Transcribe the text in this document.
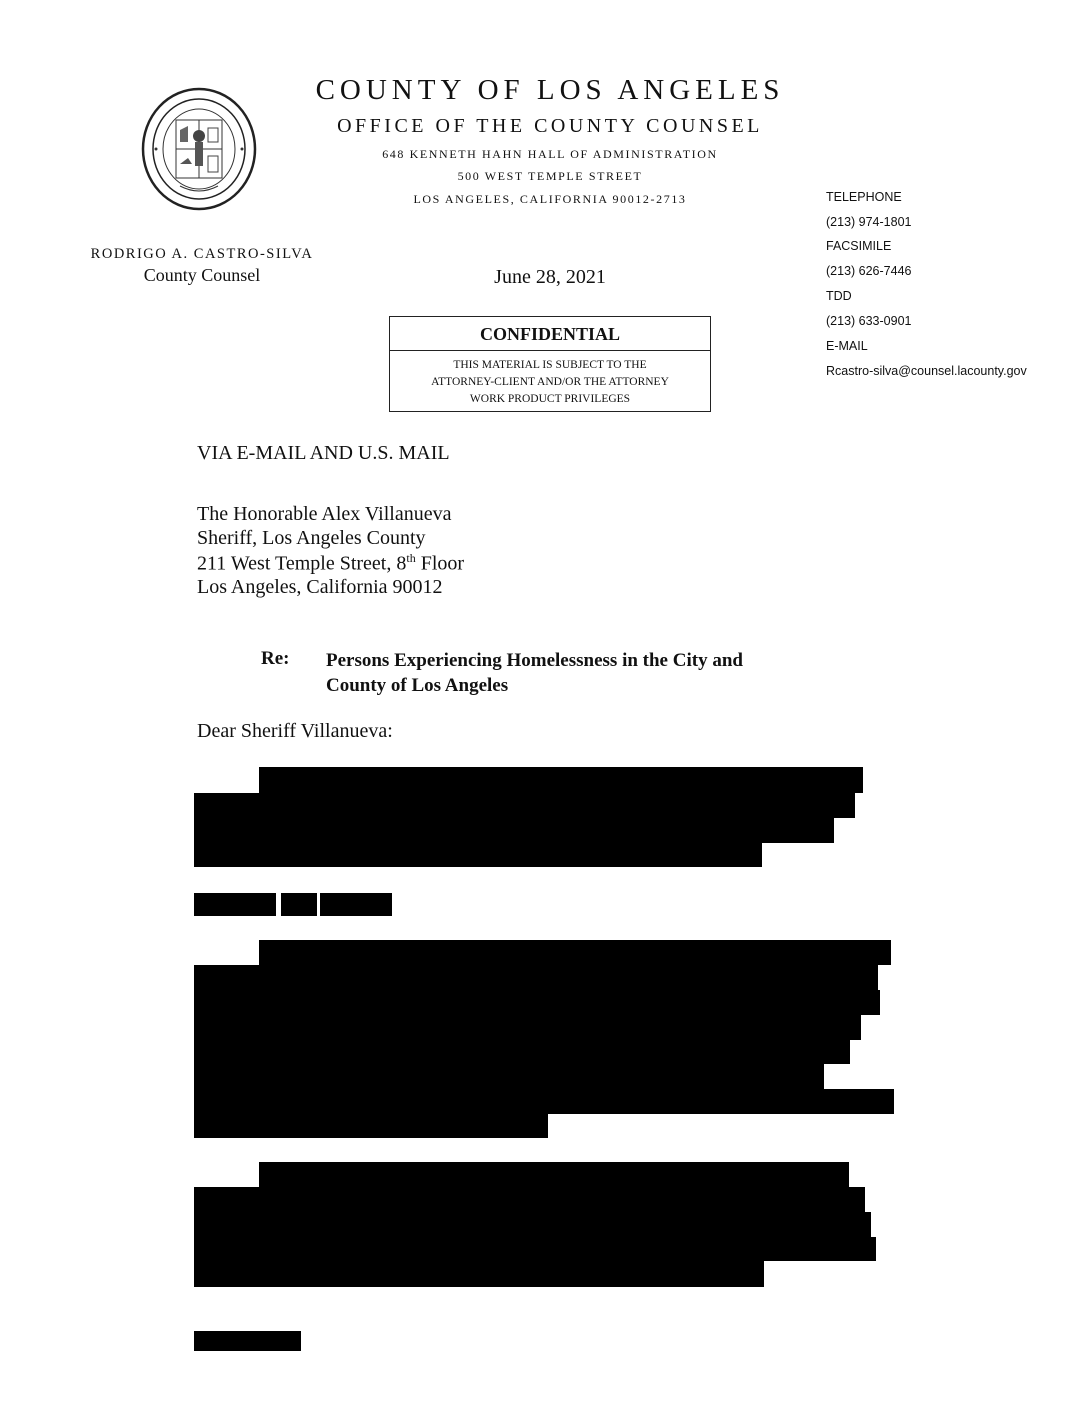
COUNTY OF LOS ANGELES
OFFICE OF THE COUNTY COUNSEL
648 KENNETH HAHN HALL OF ADMINISTRATION
500 WEST TEMPLE STREET
LOS ANGELES, CALIFORNIA 90012-2713
RODRIGO A. CASTRO-SILVA
County Counsel
TELEPHONE
(213) 974-1801
FACSIMILE
(213) 626-7446
TDD
(213) 633-0901
E-MAIL
Rcastro-silva@counsel.lacounty.gov
June 28, 2021
CONFIDENTIAL
THIS MATERIAL IS SUBJECT TO THE
ATTORNEY-CLIENT AND/OR THE ATTORNEY
WORK PRODUCT PRIVILEGES
VIA E-MAIL AND U.S. MAIL
The Honorable Alex Villanueva
Sheriff, Los Angeles County
211 West Temple Street, 8th Floor
Los Angeles, California 90012
Re: Persons Experiencing Homelessness in the City and
County of Los Angeles
Dear Sheriff Villanueva:
